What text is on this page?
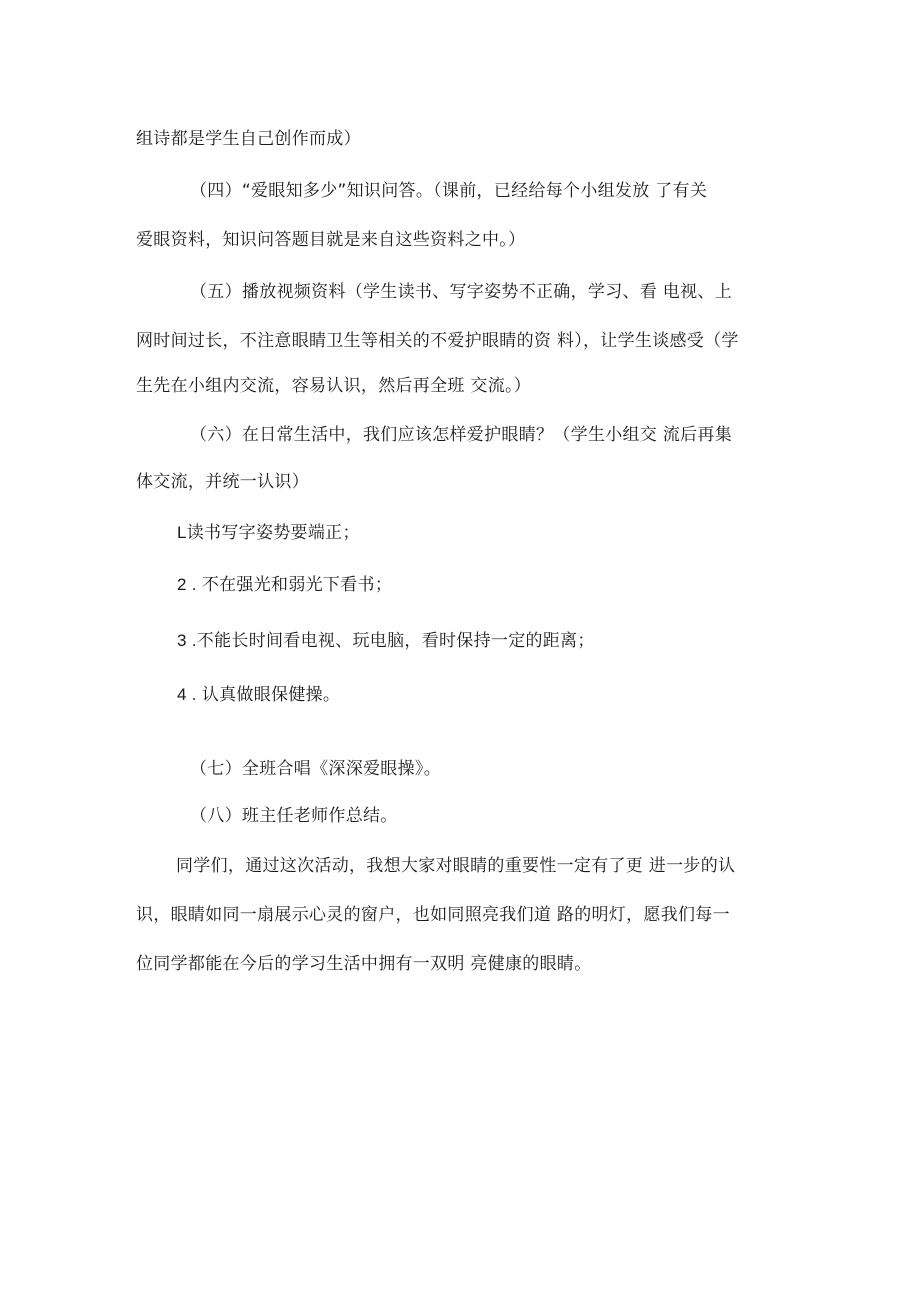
组诗都是学生自己创作而成）
（四）“爱眼知多少”知识问答。（课前，已经给每个小组发放 了有关
爱眼资料，知识问答题目就是来自这些资料之中。）
（五）播放视频资料（学生读书、写字姿势不正确，学习、看 电视、上
网时间过长，不注意眼睛卫生等相关的不爱护眼睛的资 料），让学生谈感受（学
生先在小组内交流，容易认识，然后再全班 交流。）
（六）在日常生活中，我们应该怎样爱护眼睛？（学生小组交 流后再集
体交流，并统一认识）
L读书写字姿势要端正；
2 . 不在强光和弱光下看书；
3 .不能长时间看电视、玩电脑，看时保持一定的距离；
4 . 认真做眼保健操。
（七）全班合唱《深深爱眼操》。
（八）班主任老师作总结。
同学们，通过这次活动，我想大家对眼睛的重要性一定有了更 进一步的认
识，眼睛如同一扇展示心灵的窗户，也如同照亮我们道 路的明灯，愿我们每一
位同学都能在今后的学习生活中拥有一双明 亮健康的眼睛。
